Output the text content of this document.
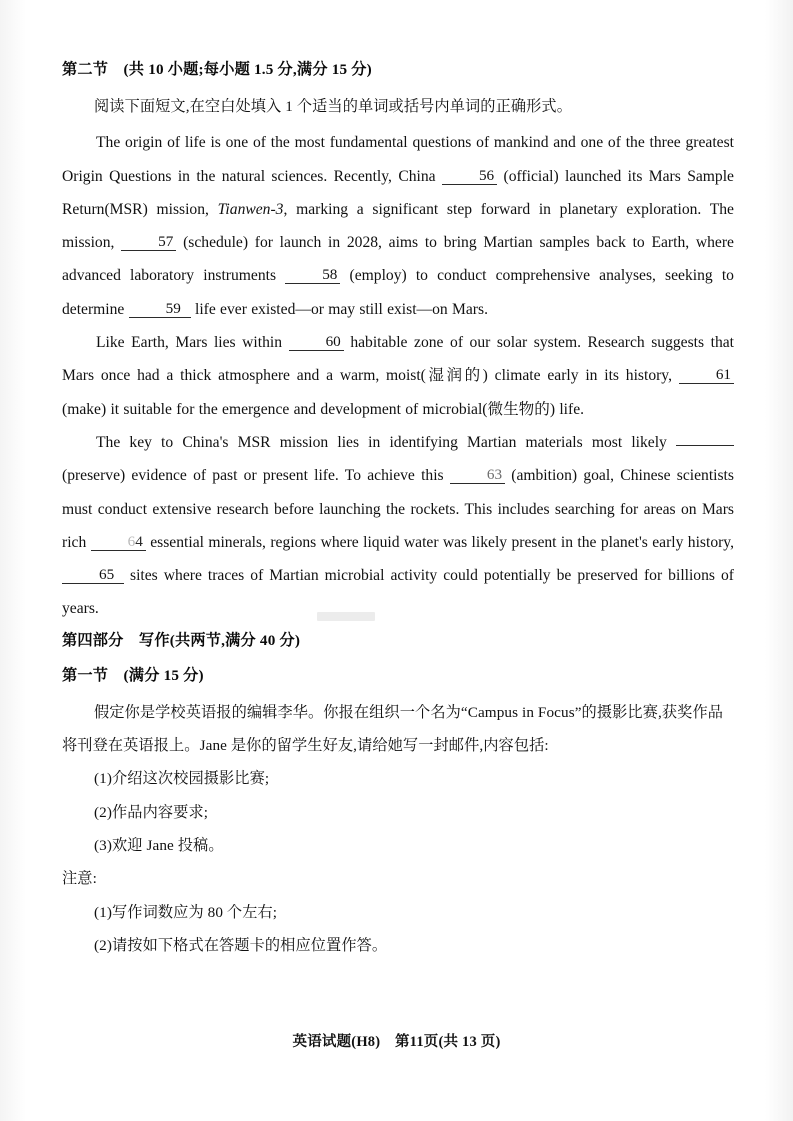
第二节　(共 10 小题;每小题 1.5 分,满分 15 分)

阅读下面短文,在空白处填入 1 个适当的单词或括号内单词的正确形式。

The origin of life is one of the most fundamental questions of mankind and one of the three greatest Origin Questions in the natural sciences. Recently, China	56 (official) launched its Mars Sample Return(MSR) mission, Tianwen-3, marking a significant step forward in planetary exploration. The mission,	57 (schedule) for launch in 2028, aims to bring Martian samples back to Earth, where advanced laboratory instruments	58 (employ) to conduct comprehensive analyses, seeking to determine	59 life ever existed—or may still exist—on Mars.

Like Earth, Mars lies within	60 habitable zone of our solar system. Research suggests that Mars once had a thick atmosphere and a warm, moist(湿润的) climate early in its history,	61 (make) it suitable for the emergence and development of microbial(微生物的) life.

The key to China's MSR mission lies in identifying Martian materials most likely  (preserve) evidence of past or present life. To achieve this	63 (ambition) goal, Chinese scientists must conduct extensive research before launching the rockets. This includes searching for areas on Mars rich	64 essential minerals, regions where liquid water was likely present in the planet's early history, 65 sites where traces of Martian microbial activity could potentially be preserved for billions of years.

第四部分　写作(共两节,满分 40 分)
第一节　(满分 15 分)

假定你是学校英语报的编辑李华。你报在组织一个名为“Campus in Focus”的摄影比赛,获奖作品将刊登在英语报上。Jane 是你的留学生好友,请给她写一封邮件,内容包括:

(1)介绍这次校园摄影比赛;

(2)作品内容要求;

(3)欢迎 Jane 投稿。

注意:

(1)写作词数应为 80 个左右;

(2)请按如下格式在答题卡的相应位置作答。

英语试题(H8)　第11页(共 13 页)
